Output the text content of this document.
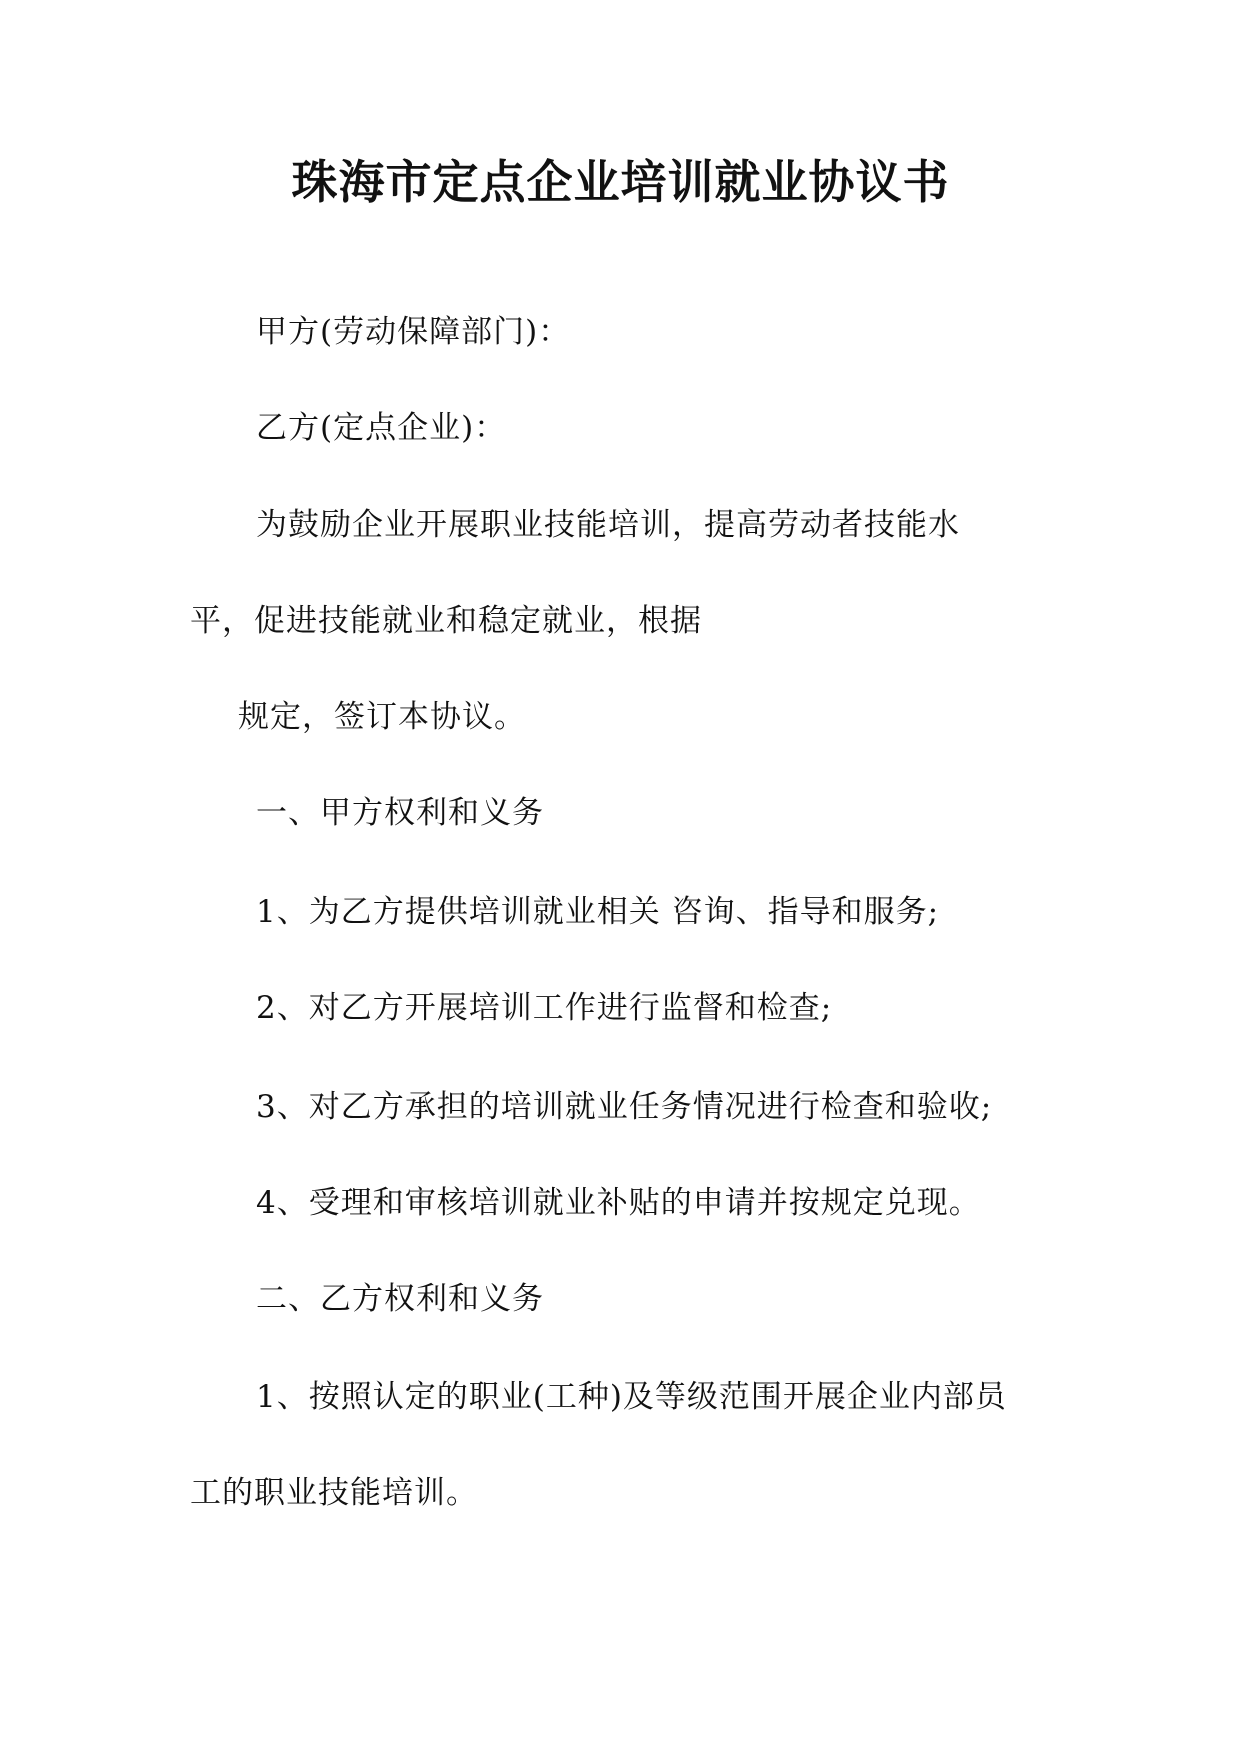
珠海市定点企业培训就业协议书
甲方(劳动保障部门)：
乙方(定点企业)：
为鼓励企业开展职业技能培训，提高劳动者技能水
平，促进技能就业和稳定就业，根据
规定，签订本协议。
一、甲方权利和义务
1、为乙方提供培训就业相关 咨询、指导和服务;
2、对乙方开展培训工作进行监督和检查;
3、对乙方承担的培训就业任务情况进行检查和验收;
4、受理和审核培训就业补贴的申请并按规定兑现。
二、乙方权利和义务
1、按照认定的职业(工种)及等级范围开展企业内部员
工的职业技能培训。
